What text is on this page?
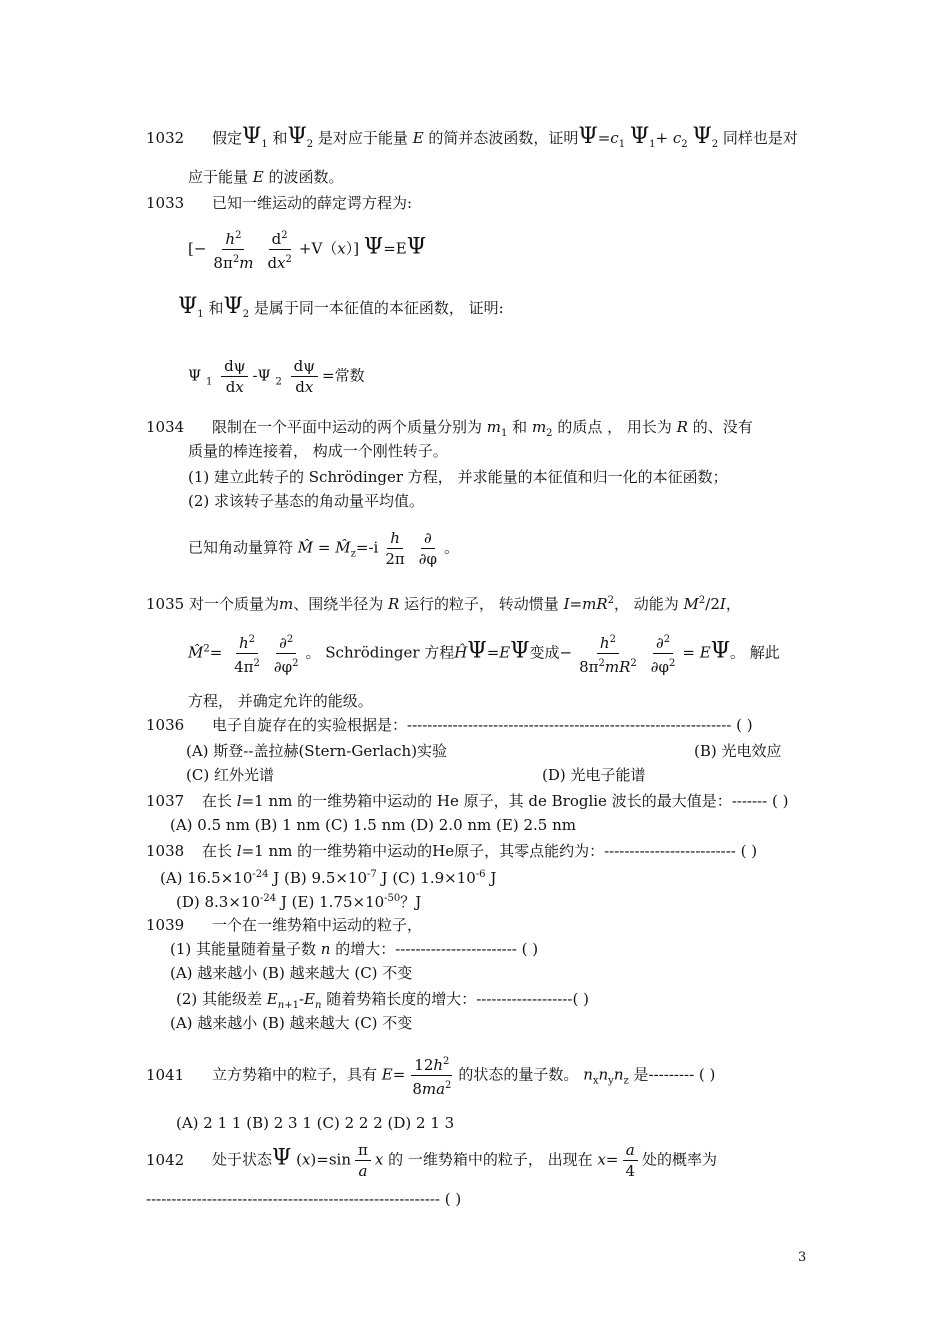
1032 假定$\Psi_1$ 和$\Psi_2$ 是对应于能量 E 的简并态波函数，证明$\Psi=c_1$ $\Psi_1+ c_2$ $\Psi_2$ 同样也是对
应于能量 E 的波函数。
1033 已知一维运动的薛定谔方程为:
[− $\frac{h^2}{8\pi^2m} \frac{d^2}{dx^2} +V(x)$] Ψ=EΨ
$\Psi_1$ 和$\Psi_2$ 是属于同一本征值的本征函数， 证明:
Ψ $_1 \frac{d\psi}{dx} -\Psi$ $_2 \frac{d\psi}{dx}$ =常数
1034 限制在一个平面中运动的两个质量分别为 $m_1$ 和 $m_2$ 的质点 ， 用长为 R 的、没有
质量的棒连接着， 构成一个刚性转子。
(1) 建立此转子的 Schrödinger 方程， 并求能量的本征值和归一化的本征函数；
(2) 求该转子基态的角动量平均值。
已知角动量算符 M̂ = $M̂_z=-i \frac{h}{2\pi} \frac{\partial}{\partial\varphi}$ 。
1035 对一个质量为m、围绕半径为 R 运行的粒子， 转动惯量 $I=mR^2$， 动能为 $M^2/2I$，
M̂$^2$= $\frac{h^2}{4\pi^2} \frac{\partial^2}{\partial\varphi^2}$ 。 Schrödinger 方程ĤΨ=EΨ变成− $\frac{h^2}{8\pi^2mR^2} \frac{\partial^2}{\partial\varphi^2} = E\Psi$。 解此
方程， 并确定允许的能级。
1036 电子自旋存在的实验根据是：---------------------------------------------------------------- ( )
(A) 斯登--盖拉赫(Stern-Gerlach)实验	(B) 光电效应
(C) 红外光谱	(D) 光电子能谱
1037 在长 l=1 nm 的一维势箱中运动的 He 原子，其 de Broglie 波长的最大值是：------- ( )
(A) 0.5 nm (B) 1 nm (C) 1.5 nm (D) 2.0 nm (E) 2.5 nm
1038 在长 l=1 nm 的一维势箱中运动的He原子，其零点能约为：-------------------------- ( )
(A) $16.5\times 10^{-24}$ J (B) $9.5\times 10^{-7}$ J (C) $1.9\times 10^{-6}$ J
(D) $8.3\times 10^{-24}$ J (E) $1.75\times 10^{-50}$？J
1039 一个在一维势箱中运动的粒子，
(1) 其能量随着量子数 n 的增大：------------------------ ( )
(A) 越来越小 (B) 越来越大 (C) 不变
(2) 其能级差 $E_{n+1}-E_n$ 随着势箱长度的增大：-------------------( )
(A) 越来越小 (B) 越来越大 (C) 不变
1041 立方势箱中的粒子，具有 $E= \frac{12h^2}{8ma^2}$ 的状态的量子数。 $n_xn_yn_z$ 是--------- ( )
(A) 2 1 1 (B) 2 3 1 (C) 2 2 2 (D) 2 1 3
1042 处于状态Ψ $(x)=\sin \frac{\pi}{a}$ x 的 一维势箱中的粒子， 出现在 $x= \frac{a}{4}$ 处的概率为
---------------------------------------------------------- ( )
3
